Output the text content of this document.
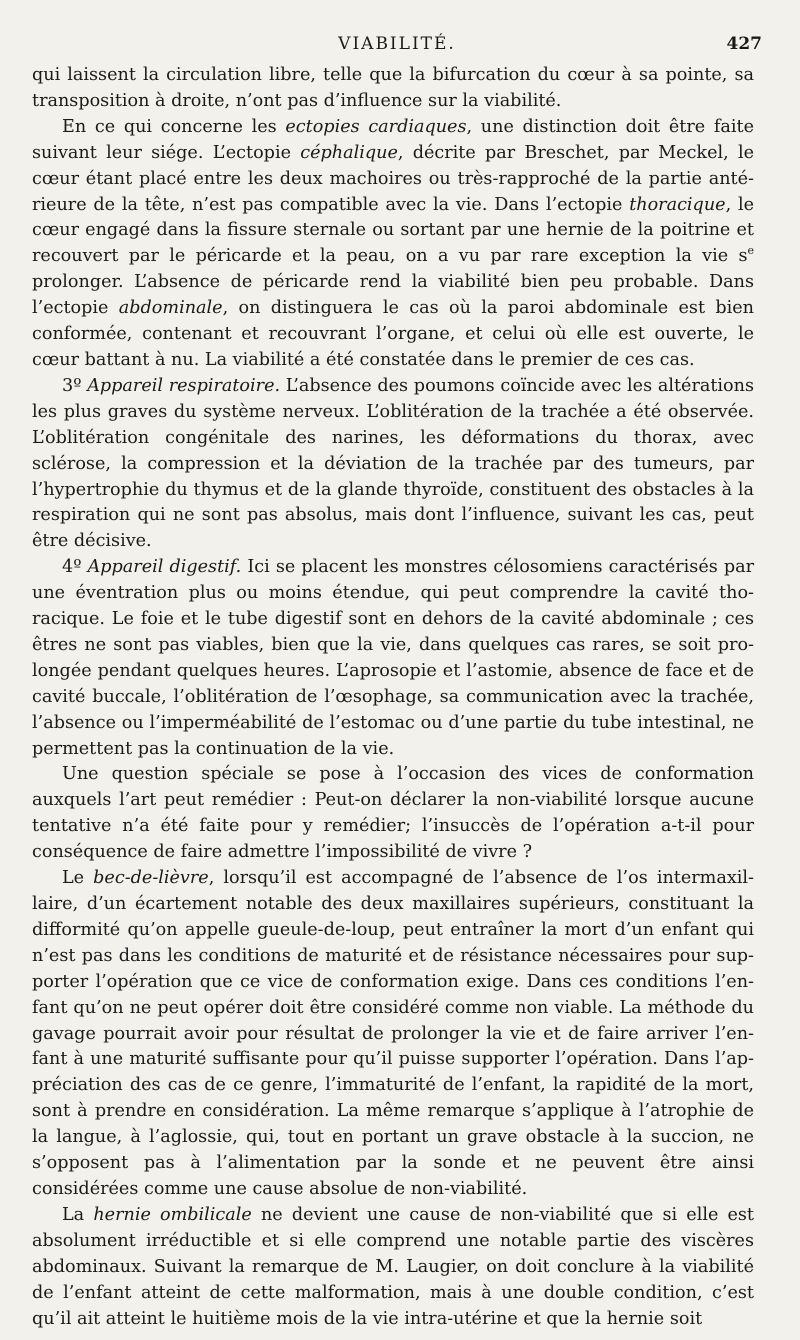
VIABILITÉ.	427

qui laissent la circulation libre, telle que la bifurcation du cœur à sa pointe, sa transposition à droite, n’ont pas d’influence sur la viabilité.

En ce qui concerne les ectopies cardiaques, une distinction doit être faite suivant leur siége. L’ectopie céphalique, décrite par Breschet, par Meckel, le cœur étant placé entre les deux machoires ou très-rapproché de la partie antérieure de la tête, n’est pas compatible avec la vie. Dans l’ectopie thoracique, le cœur engagé dans la fissure sternale ou sortant par une hernie de la poitrine et recouvert par le péricarde et la peau, on a vu par rare exception la vie $s^e$ prolonger. L’absence de péricarde rend la viabilité bien peu probable. Dans l’ectopie abdominale, on distinguera le cas où la paroi abdominale est bien conformée, contenant et recouvrant l’organe, et celui où elle est ouverte, le cœur battant à nu. La viabilité a été constatée dans le premier de ces cas.

3º Appareil respiratoire. L’absence des poumons coïncide avec les altérations les plus graves du système nerveux. L’oblitération de la trachée a été observée. L’oblitération congénitale des narines, les déformations du thorax, avec sclérose, la compression et la déviation de la trachée par des tumeurs, par l’hypertrophie du thymus et de la glande thyroïde, constituent des obstacles à la respiration qui ne sont pas absolus, mais dont l’influence, suivant les cas, peut être décisive.

4º Appareil digestif. Ici se placent les monstres célosomiens caractérisés par une éventration plus ou moins étendue, qui peut comprendre la cavité thoracique. Le foie et le tube digestif sont en dehors de la cavité abdominale ; ces êtres ne sont pas viables, bien que la vie, dans quelques cas rares, se soit prolongée pendant quelques heures. L’aprosopie et l’astomie, absence de face et de cavité buccale, l’oblitération de l’œsophage, sa communication avec la trachée, l’absence ou l’imperméabilité de l’estomac ou d’une partie du tube intestinal, ne permettent pas la continuation de la vie.

Une question spéciale se pose à l’occasion des vices de conformation auxquels l’art peut remédier : Peut-on déclarer la non-viabilité lorsque aucune tentative n’a été faite pour y remédier; l’insuccès de l’opération a-t-il pour conséquence de faire admettre l’impossibilité de vivre ?

Le bec-de-lièvre, lorsqu’il est accompagné de l’absence de l’os intermaxillaire, d’un écartement notable des deux maxillaires supérieurs, constituant la difformité qu’on appelle gueule-de-loup, peut entraîner la mort d’un enfant qui n’est pas dans les conditions de maturité et de résistance nécessaires pour supporter l’opération que ce vice de conformation exige. Dans ces conditions l’enfant qu’on ne peut opérer doit être considéré comme non viable. La méthode du gavage pourrait avoir pour résultat de prolonger la vie et de faire arriver l’enfant à une maturité suffisante pour qu’il puisse supporter l’opération. Dans l’appréciation des cas de ce genre, l’immaturité de l’enfant, la rapidité de la mort, sont à prendre en considération. La même remarque s’applique à l’atrophie de la langue, à l’aglossie, qui, tout en portant un grave obstacle à la succion, ne s’opposent pas à l’alimentation par la sonde et ne peuvent être ainsi considérées comme une cause absolue de non-viabilité.

La hernie ombilicale ne devient une cause de non-viabilité que si elle est absolument irréductible et si elle comprend une notable partie des viscères abdominaux. Suivant la remarque de M. Laugier, on doit conclure à la viabilité de l’enfant atteint de cette malformation, mais à une double condition, c’est qu’il ait atteint le huitième mois de la vie intra-utérine et que la hernie soit
